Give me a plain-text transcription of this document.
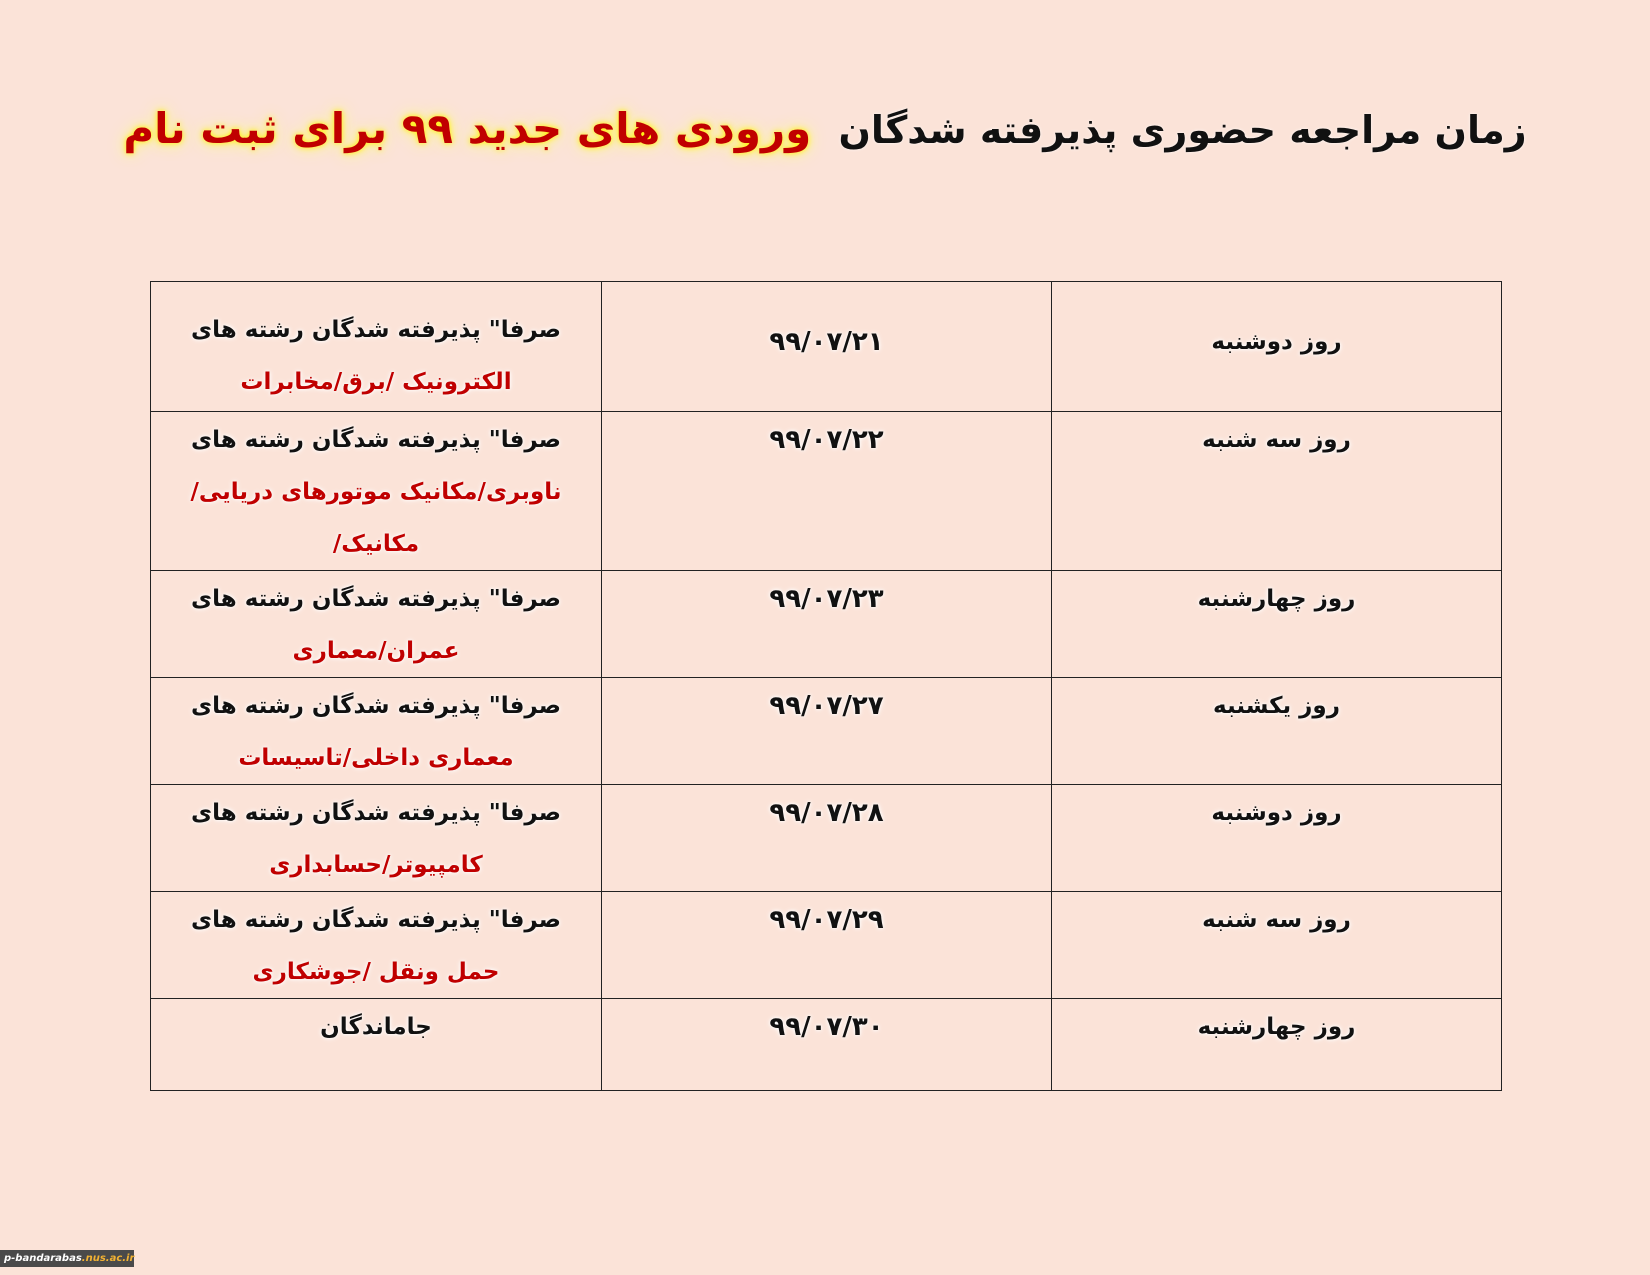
زمان مراجعه حضوری پذیرفته شدگان ورودی های جدید ۹۹ برای ثبت نام
روز دوشنبه	۹۹/۰۷/۲۱	صرفا" پذیرفته شدگان رشته های
الکترونیک /برق/مخابرات

روز سه شنبه	۹۹/۰۷/۲۲	صرفا" پذیرفته شدگان رشته های
ناوبری/مکانیک موتورهای دریایی/مکانیک/

روز چهارشنبه	۹۹/۰۷/۲۳	صرفا" پذیرفته شدگان رشته های
عمران/معماری

روز یکشنبه	۹۹/۰۷/۲۷	صرفا" پذیرفته شدگان رشته های
معماری داخلی/تاسیسات

روز دوشنبه	۹۹/۰۷/۲۸	صرفا" پذیرفته شدگان رشته های
کامپیوتر/حسابداری

روز سه شنبه	۹۹/۰۷/۲۹	صرفا" پذیرفته شدگان رشته های
حمل ونقل /جوشکاری

روز چهارشنبه	۹۹/۰۷/۳۰	جاماندگان
p-bandarabas.nus.ac.ir
